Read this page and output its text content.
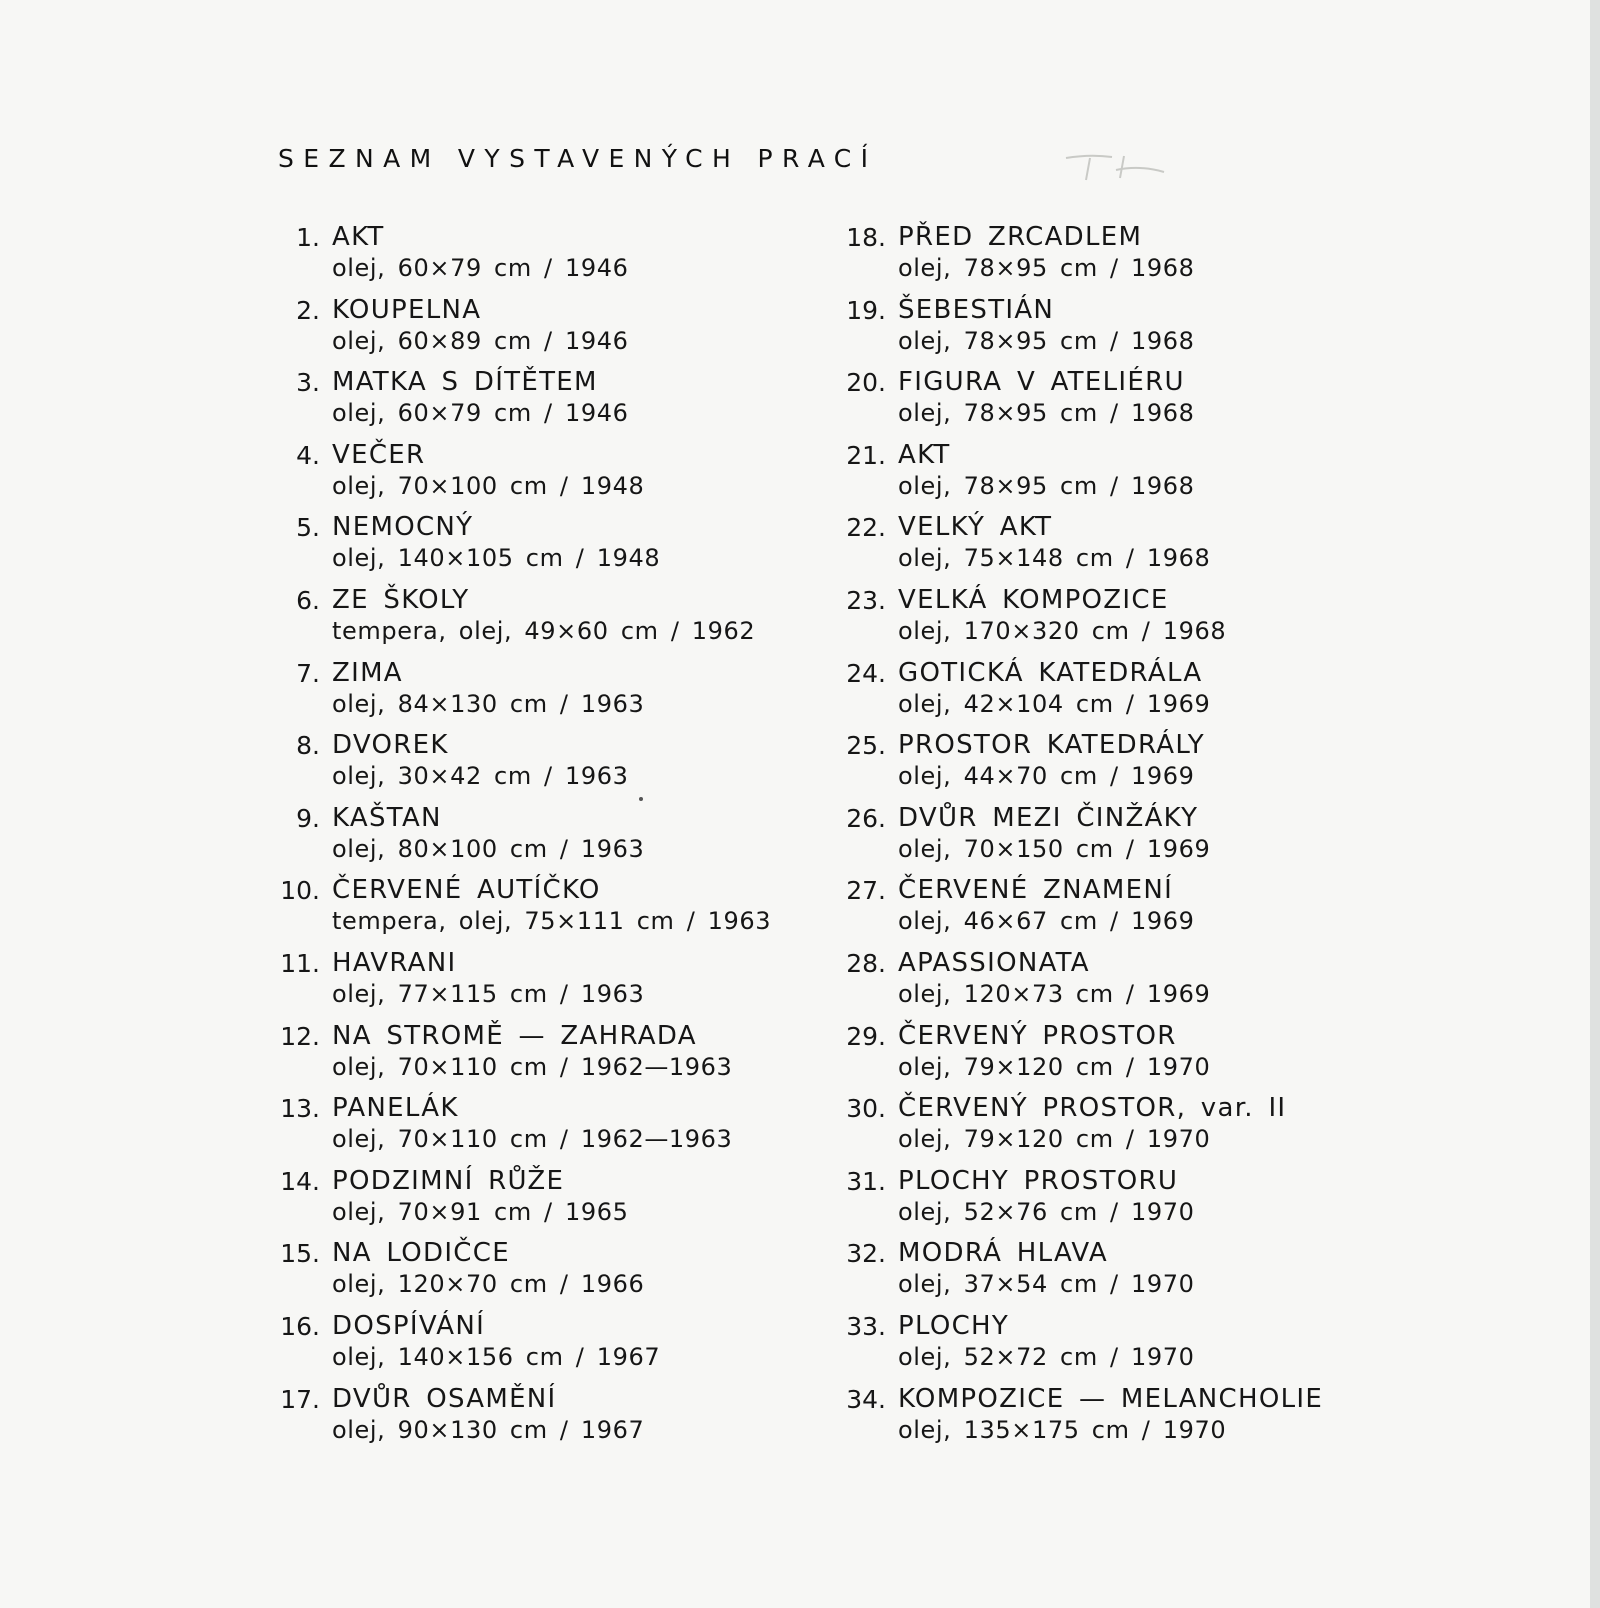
SEZNAM VYSTAVENÝCH PRACÍ
1. AKT
olej, 60×79 cm / 1946
2. KOUPELNA
olej, 60×89 cm / 1946
3. MATKA S DÍTĚTEM
olej, 60×79 cm / 1946
4. VEČER
olej, 70×100 cm / 1948
5. NEMOCNÝ
olej, 140×105 cm / 1948
6. ZE ŠKOLY
tempera, olej, 49×60 cm / 1962
7. ZIMA
olej, 84×130 cm / 1963
8. DVOREK
olej, 30×42 cm / 1963
9. KAŠTAN
olej, 80×100 cm / 1963
10. ČERVENÉ AUTÍČKO
tempera, olej, 75×111 cm / 1963
11. HAVRANI
olej, 77×115 cm / 1963
12. NA STROMĚ — ZAHRADA
olej, 70×110 cm / 1962—1963
13. PANELÁK
olej, 70×110 cm / 1962—1963
14. PODZIMNÍ RŮŽE
olej, 70×91 cm / 1965
15. NA LODIČCE
olej, 120×70 cm / 1966
16. DOSPÍVÁNÍ
olej, 140×156 cm / 1967
17. DVŮR OSAMĚNÍ
olej, 90×130 cm / 1967
18. PŘED ZRCADLEM
olej, 78×95 cm / 1968
19. ŠEBESTIÁN
olej, 78×95 cm / 1968
20. FIGURA V ATELIÉRU
olej, 78×95 cm / 1968
21. AKT
olej, 78×95 cm / 1968
22. VELKÝ AKT
olej, 75×148 cm / 1968
23. VELKÁ KOMPOZICE
olej, 170×320 cm / 1968
24. GOTICKÁ KATEDRÁLA
olej, 42×104 cm / 1969
25. PROSTOR KATEDRÁLY
olej, 44×70 cm / 1969
26. DVŮR MEZI ČINŽÁKY
olej, 70×150 cm / 1969
27. ČERVENÉ ZNAMENÍ
olej, 46×67 cm / 1969
28. APASSIONATA
olej, 120×73 cm / 1969
29. ČERVENÝ PROSTOR
olej, 79×120 cm / 1970
30. ČERVENÝ PROSTOR, var. II
olej, 79×120 cm / 1970
31. PLOCHY PROSTORU
olej, 52×76 cm / 1970
32. MODRÁ HLAVA
olej, 37×54 cm / 1970
33. PLOCHY
olej, 52×72 cm / 1970
34. KOMPOZICE — MELANCHOLIE
olej, 135×175 cm / 1970
